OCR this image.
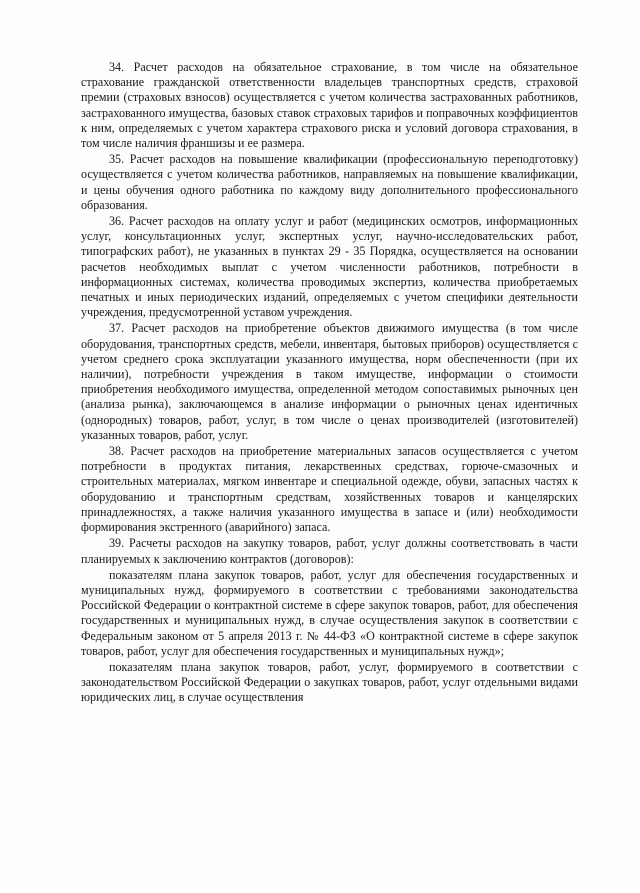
34. Расчет расходов на обязательное страхование, в том числе на обязательное страхование гражданской ответственности владельцев транспортных средств, страховой премии (страховых взносов) осуществляется с учетом количества застрахованных работников, застрахованного имущества, базовых ставок страховых тарифов и поправочных коэффициентов к ним, определяемых с учетом характера страхового риска и условий договора страхования, в том числе наличия франшизы и ее размера.

35. Расчет расходов на повышение квалификации (профессиональную переподготовку) осуществляется с учетом количества работников, направляемых на повышение квалификации, и цены обучения одного работника по каждому виду дополнительного профессионального образования.

36. Расчет расходов на оплату услуг и работ (медицинских осмотров, информационных услуг, консультационных услуг, экспертных услуг, научно-исследовательских работ, типографских работ), не указанных в пунктах 29 - 35 Порядка, осуществляется на основании расчетов необходимых выплат с учетом численности работников, потребности в информационных системах, количества проводимых экспертиз, количества приобретаемых печатных и иных периодических изданий, определяемых с учетом специфики деятельности учреждения, предусмотренной уставом учреждения.

37. Расчет расходов на приобретение объектов движимого имущества (в том числе оборудования, транспортных средств, мебели, инвентаря, бытовых приборов) осуществляется с учетом среднего срока эксплуатации указанного имущества, норм обеспеченности (при их наличии), потребности учреждения в таком имуществе, информации о стоимости приобретения необходимого имущества, определенной методом сопоставимых рыночных цен (анализа рынка), заключающемся в анализе информации о рыночных ценах идентичных (однородных) товаров, работ, услуг, в том числе о ценах производителей (изготовителей) указанных товаров, работ, услуг.

38. Расчет расходов на приобретение материальных запасов осуществляется с учетом потребности в продуктах питания, лекарственных средствах, горюче-смазочных и строительных материалах, мягком инвентаре и специальной одежде, обуви, запасных частях к оборудованию и транспортным средствам, хозяйственных товаров и канцелярских принадлежностях, а также наличия указанного имущества в запасе и (или) необходимости формирования экстренного (аварийного) запаса.

39. Расчеты расходов на закупку товаров, работ, услуг должны соответствовать в части планируемых к заключению контрактов (договоров):

показателям плана закупок товаров, работ, услуг для обеспечения государственных и муниципальных нужд, формируемого в соответствии с требованиями законодательства Российской Федерации о контрактной системе в сфере закупок товаров, работ, для обеспечения государственных и муниципальных нужд, в случае осуществления закупок в соответствии с Федеральным законом от 5 апреля 2013 г. № 44-ФЗ «О контрактной системе в сфере закупок товаров, работ, услуг для обеспечения государственных и муниципальных нужд»;

показателям плана закупок товаров, работ, услуг, формируемого в соответствии с законодательством Российской Федерации о закупках товаров, работ, услуг отдельными видами юридических лиц, в случае осуществления
